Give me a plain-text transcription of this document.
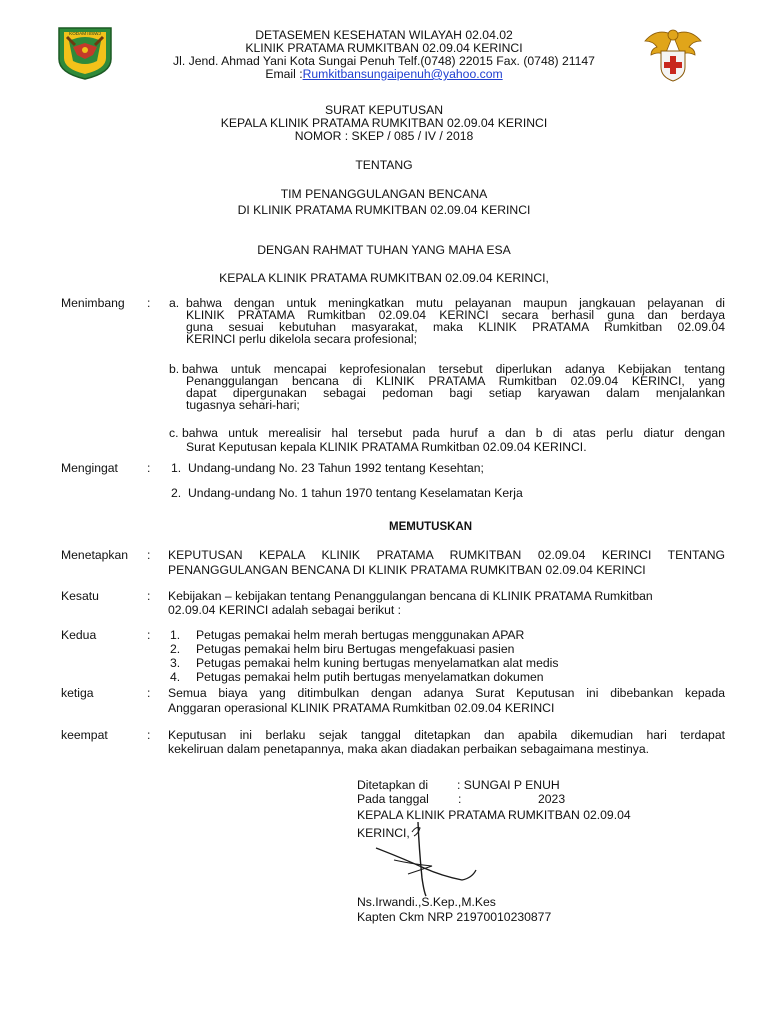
KODAM II/SWJ	DETASEMEN KESEHATAN WILAYAH 02.04.02
KLINIK PRATAMA RUMKITBAN 02.09.04 KERINCI
Jl. Jend. Ahmad Yani Kota Sungai Penuh Telf.(0748) 22015 Fax. (0748) 21147
Email :Rumkitbansungaipenuh@yahoo.com
SURAT KEPUTUSAN
KEPALA KLINIK PRATAMA RUMKITBAN 02.09.04 KERINCI
NOMOR : SKEP / 085 / IV / 2018
TENTANG
TIM PENANGGULANGAN BENCANA
DI KLINIK PRATAMA RUMKITBAN 02.09.04 KERINCI
DENGAN RAHMAT TUHAN YANG MAHA ESA
KEPALA KLINIK PRATAMA RUMKITBAN 02.09.04 KERINCI,
Menimbang : a. bahwa dengan untuk meningkatkan mutu pelayanan maupun jangkauan pelayanan di
KLINIK PRATAMA Rumkitban 02.09.04 KERINCI secara berhasil guna dan berdaya
guna sesuai kebutuhan masyarakat, maka KLINIK PRATAMA Rumkitban 02.09.04
KERINCI perlu dikelola secara profesional;
b. bahwa untuk mencapai keprofesionalan tersebut diperlukan adanya Kebijakan tentang
Penanggulangan bencana di KLINIK PRATAMA Rumkitban 02.09.04 KERINCI, yang
dapat dipergunakan sebagai pedoman bagi setiap karyawan dalam menjalankan
tugasnya sehari-hari;
c. bahwa untuk merealisir hal tersebut pada huruf a dan b di atas perlu diatur dengan
Surat Keputusan kepala KLINIK PRATAMA Rumkitban 02.09.04 KERINCI.
Mengingat : 1. Undang-undang No. 23 Tahun 1992 tentang Kesehtan;
2. Undang-undang No. 1 tahun 1970 tentang Keselamatan Kerja
MEMUTUSKAN
Menetapkan : KEPUTUSAN KEPALA KLINIK PRATAMA RUMKITBAN 02.09.04 KERINCI TENTANG
PENANGGULANGAN BENCANA DI KLINIK PRATAMA RUMKITBAN 02.09.04 KERINCI
Kesatu	: Kebijakan – kebijakan tentang Penanggulangan bencana di KLINIK PRATAMA Rumkitban
02.09.04 KERINCI adalah sebagai berikut :
Kedua	: 1. Petugas pemakai helm merah bertugas menggunakan APAR
2. Petugas pemakai helm biru Bertugas mengefakuasi pasien
3. Petugas pemakai helm kuning bertugas menyelamatkan alat medis
4. Petugas pemakai helm putih bertugas menyelamatkan dokumen
ketiga	: Semua biaya yang ditimbulkan dengan adanya Surat Keputusan ini dibebankan kepada
Anggaran operasional KLINIK PRATAMA Rumkitban 02.09.04 KERINCI
keempat	: Keputusan ini berlaku sejak tanggal ditetapkan dan apabila dikemudian hari terdapat
kekeliruan dalam penetapannya, maka akan diadakan perbaikan sebagaimana mestinya.
Ditetapkan di : SUNGAI P ENUH
Pada tanggal :	2023
KEPALA KLINIK PRATAMA RUMKITBAN 02.09.04
KERINCI,
Ns.Irwandi.,S.Kep.,M.Kes
Kapten Ckm NRP 21970010230877
